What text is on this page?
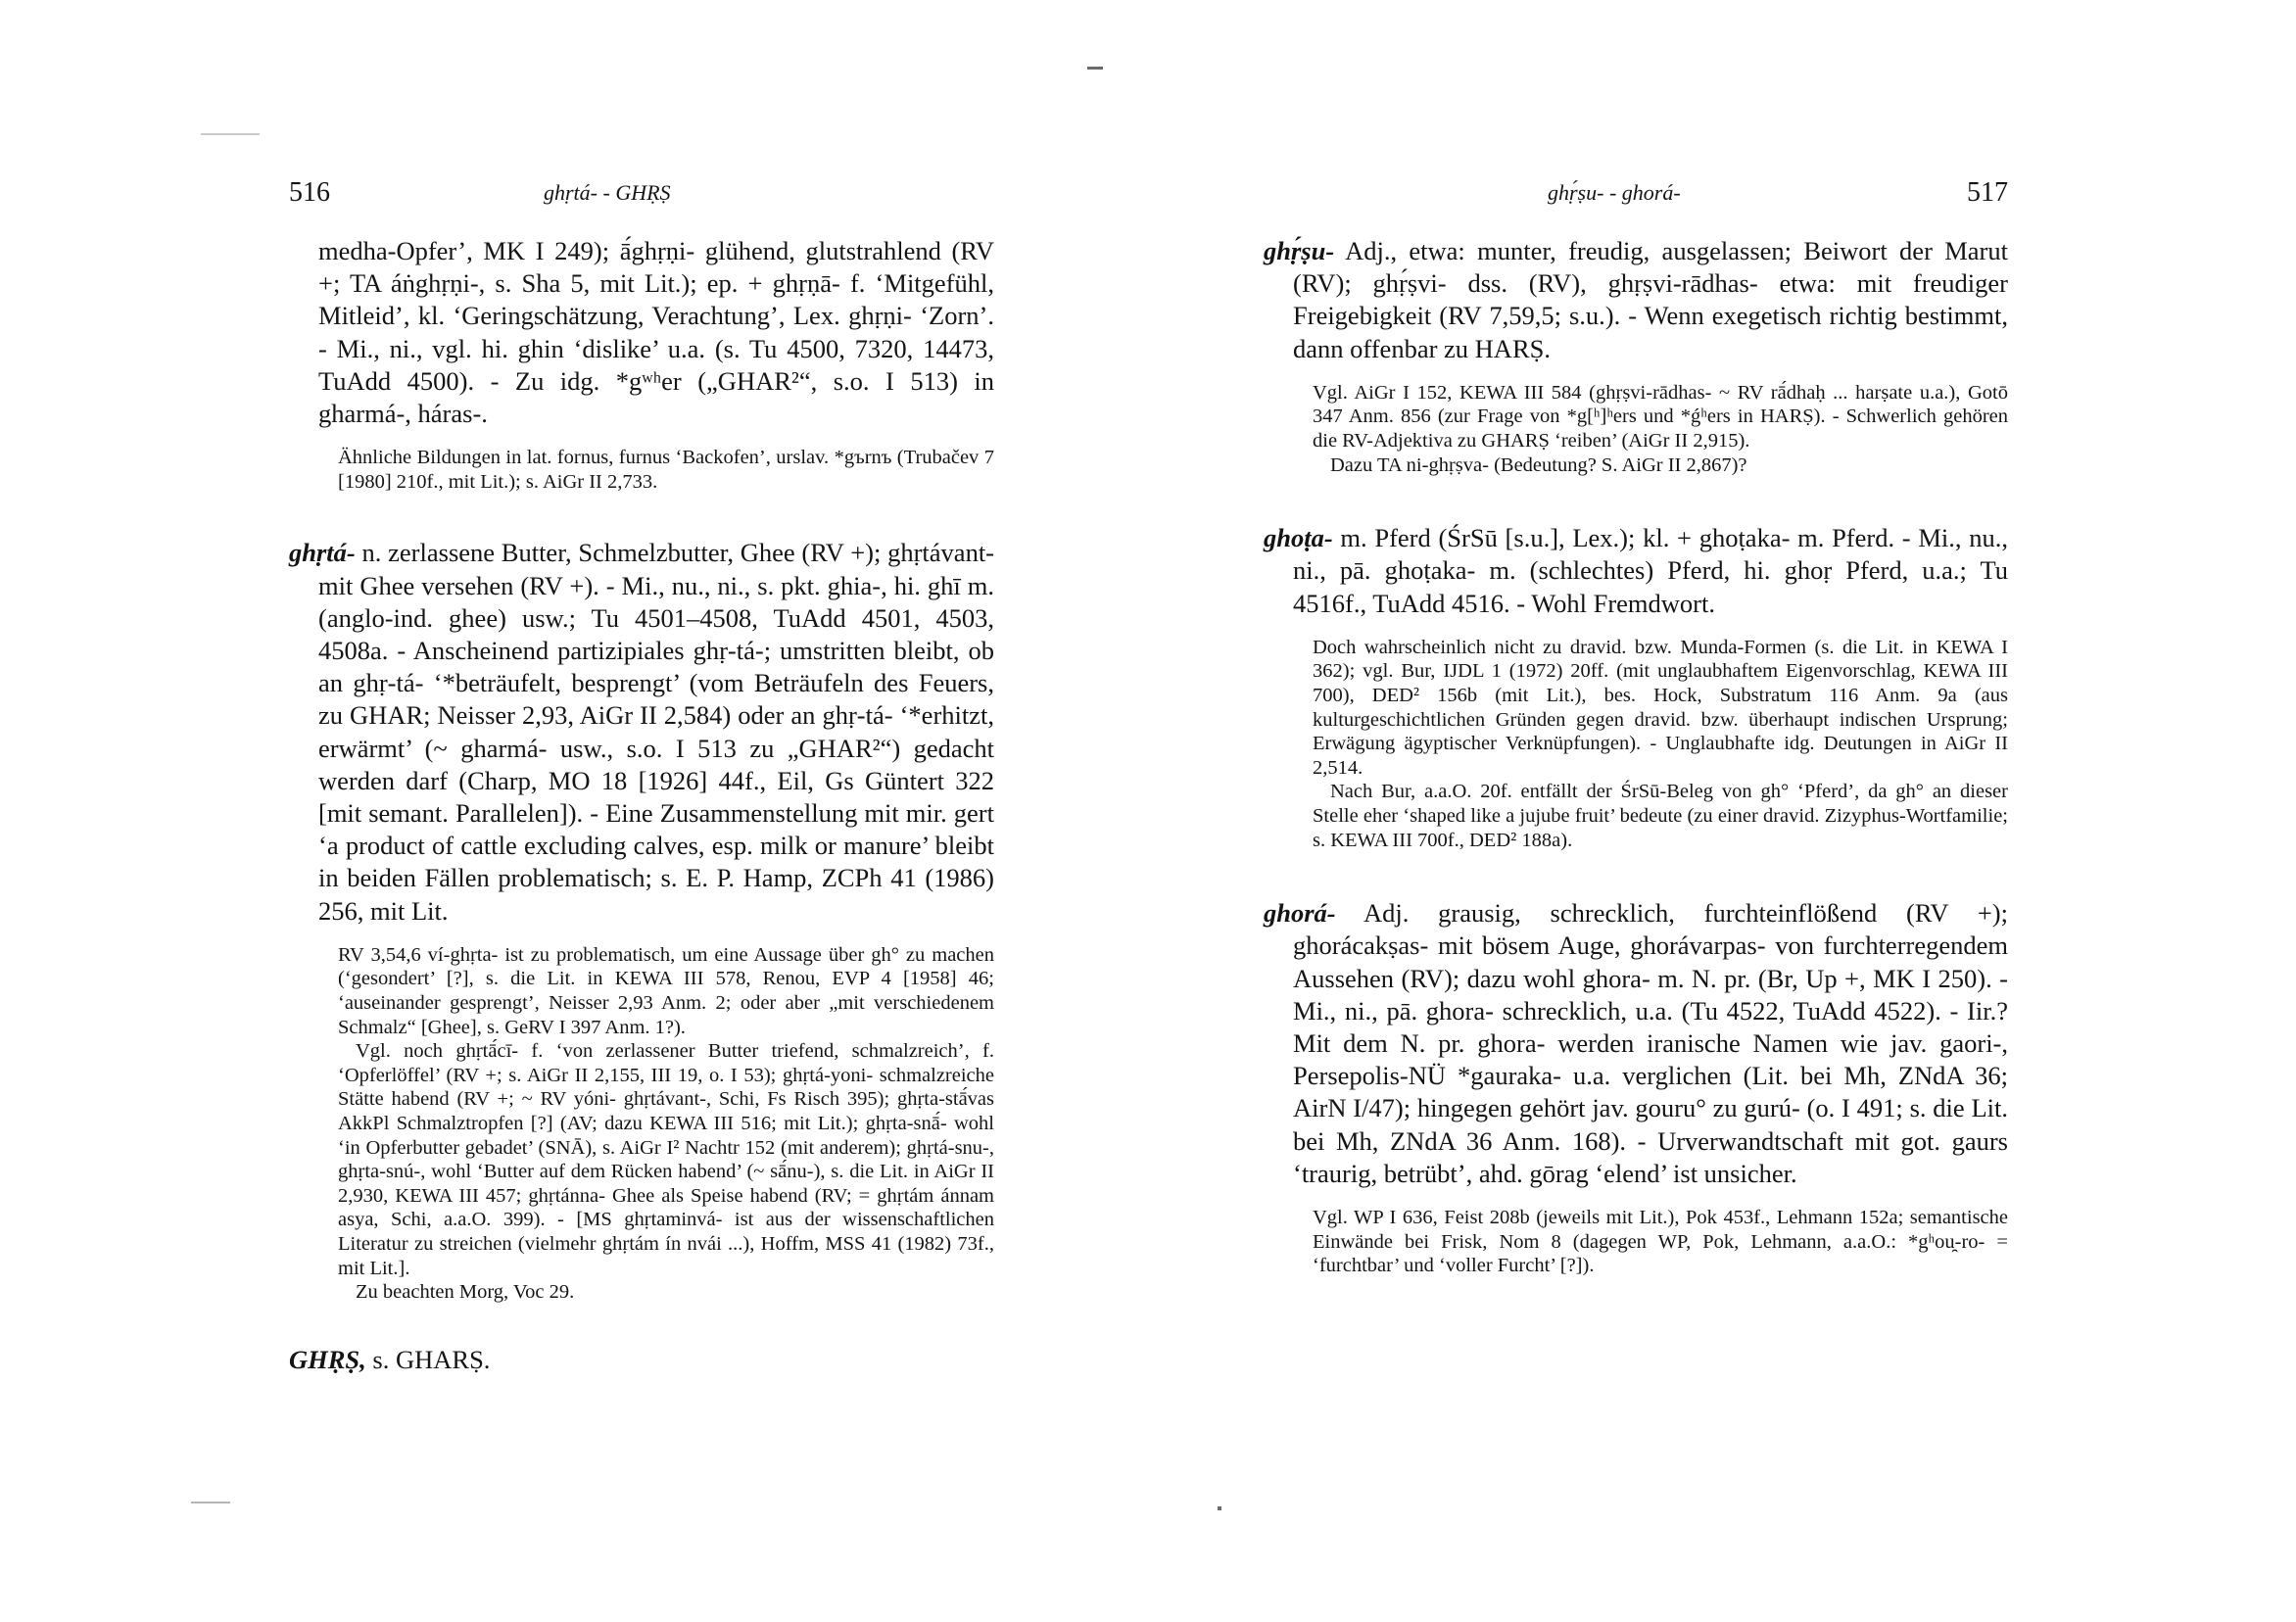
516	ghṛtá- - GHṚṢ

medha-Opfer’, MK I 249); ā́ghṛṇi- glühend, glutstrahlend (RV +; TA áṅghṛṇi-, s. Sha 5, mit Lit.); ep. + ghṛṇā- f. ‘Mitgefühl, Mitleid’, kl. ‘Geringschätzung, Verachtung’, Lex. ghṛṇi- ‘Zorn’. - Mi., ni., vgl. hi. ghin ‘dislike’ u.a. (s. Tu 4500, 7320, 14473, TuAdd 4500). - Zu idg. *gʷʰer („GHAR²“, s.o. I 513) in gharmá-, háras-.

Ähnliche Bildungen in lat. fornus, furnus ‘Backofen’, urslav. *gъrnъ (Trubačev 7 [1980] 210f., mit Lit.); s. AiGr II 2,733.

ghṛtá- n. zerlassene Butter, Schmelzbutter, Ghee (RV +); ghṛtávant- mit Ghee versehen (RV +). - Mi., nu., ni., s. pkt. ghia-, hi. ghī m. (anglo-ind. ghee) usw.; Tu 4501–4508, TuAdd 4501, 4503, 4508a. - Anscheinend partizipiales ghṛ-tá-; umstritten bleibt, ob an ghṛ-tá- ‘*beträufelt, besprengt’ (vom Beträufeln des Feuers, zu GHAR; Neisser 2,93, AiGr II 2,584) oder an ghṛ-tá- ‘*erhitzt, erwärmt’ (~ gharmá- usw., s.o. I 513 zu „GHAR²“) gedacht werden darf (Charp, MO 18 [1926] 44f., Eil, Gs Güntert 322 [mit semant. Parallelen]). - Eine Zusammenstellung mit mir. gert ‘a product of cattle excluding calves, esp. milk or manure’ bleibt in beiden Fällen problematisch; s. E. P. Hamp, ZCPh 41 (1986) 256, mit Lit.

RV 3,54,6 ví-ghṛta- ist zu problematisch, um eine Aussage über gh° zu machen (‘gesondert’ [?], s. die Lit. in KEWA III 578, Renou, EVP 4 [1958] 46; ‘auseinander gesprengt’, Neisser 2,93 Anm. 2; oder aber „mit verschiedenem Schmalz“ [Ghee], s. GeRV I 397 Anm. 1?).

Vgl. noch ghṛtā́cī- f. ‘von zerlassener Butter triefend, schmalzreich’, f. ‘Opferlöffel’ (RV +; s. AiGr II 2,155, III 19, o. I 53); ghṛtá-yoni- schmalzreiche Stätte habend (RV +; ~ RV yóni- ghṛtávant-, Schi, Fs Risch 395); ghṛta-stā́vas AkkPl Schmalztropfen [?] (AV; dazu KEWA III 516; mit Lit.); ghṛta-snā́- wohl ‘in Opferbutter gebadet’ (SNĀ), s. AiGr I² Nachtr 152 (mit anderem); ghṛtá-snu-, ghṛta-snú-, wohl ‘Butter auf dem Rücken habend’ (~ sā́nu-), s. die Lit. in AiGr II 2,930, KEWA III 457; ghṛtánna- Ghee als Speise habend (RV; = ghṛtám ánnam asya, Schi, a.a.O. 399). - [MS ghṛtaminvá- ist aus der wissenschaftlichen Literatur zu streichen (vielmehr ghṛtám ín nvái ...), Hoffm, MSS 41 (1982) 73f., mit Lit.].

Zu beachten Morg, Voc 29.

GHṚṢ, s. GHARṢ.

ghṛ́ṣu- - ghorá-	517

ghṛ́ṣu- Adj., etwa: munter, freudig, ausgelassen; Beiwort der Marut (RV); ghṛ́ṣvi- dss. (RV), ghṛṣvi-rādhas- etwa: mit freudiger Freigebigkeit (RV 7,59,5; s.u.). - Wenn exegetisch richtig bestimmt, dann offenbar zu HARṢ.

Vgl. AiGr I 152, KEWA III 584 (ghṛṣvi-rādhas- ~ RV rā́dhaḥ ... harṣate u.a.), Gotō 347 Anm. 856 (zur Frage von *g[ʰ]ʰers und *ǵʰers in HARṢ). - Schwerlich gehören die RV-Adjektiva zu GHARṢ ‘reiben’ (AiGr II 2,915).

Dazu TA ni-ghṛṣva- (Bedeutung? S. AiGr II 2,867)?

ghoṭa- m. Pferd (ŚrSū [s.u.], Lex.); kl. + ghoṭaka- m. Pferd. - Mi., nu., ni., pā. ghoṭaka- m. (schlechtes) Pferd, hi. ghoṛ Pferd, u.a.; Tu 4516f., TuAdd 4516. - Wohl Fremdwort.

Doch wahrscheinlich nicht zu dravid. bzw. Munda-Formen (s. die Lit. in KEWA I 362); vgl. Bur, IJDL 1 (1972) 20ff. (mit unglaubhaftem Eigenvorschlag, KEWA III 700), DED² 156b (mit Lit.), bes. Hock, Substratum 116 Anm. 9a (aus kulturgeschichtlichen Gründen gegen dravid. bzw. überhaupt indischen Ursprung; Erwägung ägyptischer Verknüpfungen). - Unglaubhafte idg. Deutungen in AiGr II 2,514.

Nach Bur, a.a.O. 20f. entfällt der ŚrSū-Beleg von gh° ‘Pferd’, da gh° an dieser Stelle eher ‘shaped like a jujube fruit’ bedeute (zu einer dravid. Zizyphus-Wortfamilie; s. KEWA III 700f., DED² 188a).

ghorá- Adj. grausig, schrecklich, furchteinflößend (RV +); ghorácakṣas- mit bösem Auge, ghorávarpas- von furchterregendem Aussehen (RV); dazu wohl ghora- m. N. pr. (Br, Up +, MK I 250). - Mi., ni., pā. ghora- schrecklich, u.a. (Tu 4522, TuAdd 4522). - Iir.? Mit dem N. pr. ghora- werden iranische Namen wie jav. gaori-, Persepolis-NÜ *gauraka- u.a. verglichen (Lit. bei Mh, ZNdA 36; AirN I/47); hingegen gehört jav. gouru° zu gurú- (o. I 491; s. die Lit. bei Mh, ZNdA 36 Anm. 168). - Urverwandtschaft mit got. gaurs ‘traurig, betrübt’, ahd. gōrag ‘elend’ ist unsicher.

Vgl. WP I 636, Feist 208b (jeweils mit Lit.), Pok 453f., Lehmann 152a; semantische Einwände bei Frisk, Nom 8 (dagegen WP, Pok, Lehmann, a.a.O.: *gʰou̯-ro- = ‘furchtbar’ und ‘voller Furcht’ [?]).
